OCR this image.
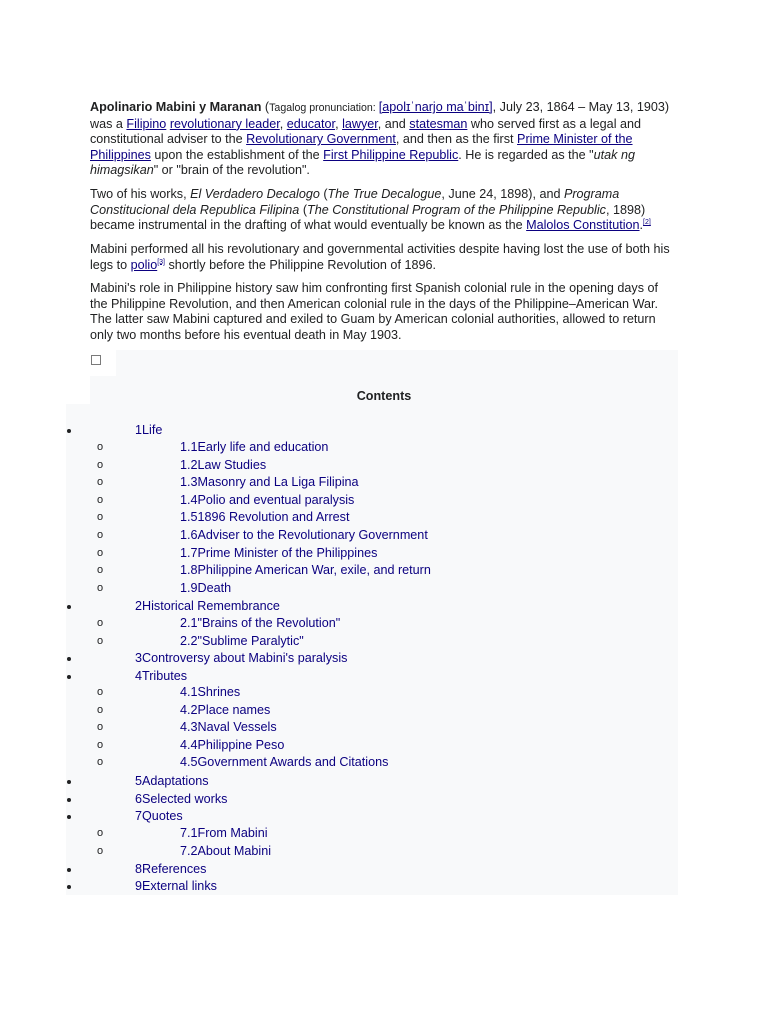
Apolinario Mabini y Maranan (Tagalog pronunciation: [apolɪˈnarjo maˈbinɪ], July 23, 1864 – May 13, 1903) was a Filipino revolutionary leader, educator, lawyer, and statesman who served first as a legal and constitutional adviser to the Revolutionary Government, and then as the first Prime Minister of the Philippines upon the establishment of the First Philippine Republic. He is regarded as the "utak ng himagsikan" or "brain of the revolution".

Two of his works, El Verdadero Decalogo (The True Decalogue, June 24, 1898), and Programa Constitucional dela Republica Filipina (The Constitutional Program of the Philippine Republic, 1898) became instrumental in the drafting of what would eventually be known as the Malolos Constitution.[2]

Mabini performed all his revolutionary and governmental activities despite having lost the use of both his legs to polio[3] shortly before the Philippine Revolution of 1896.

Mabini's role in Philippine history saw him confronting first Spanish colonial rule in the opening days of the Philippine Revolution, and then American colonial rule in the days of the Philippine–American War. The latter saw Mabini captured and exiled to Guam by American colonial authorities, allowed to return only two months before his eventual death in May 1903.

Contents
1Life
o	1.1Early life and education
o	1.2Law Studies
o	1.3Masonry and La Liga Filipina
o	1.4Polio and eventual paralysis
o	1.51896 Revolution and Arrest
o	1.6Adviser to the Revolutionary Government
o	1.7Prime Minister of the Philippines
o	1.8Philippine American War, exile, and return
o	1.9Death
2Historical Remembrance
o	2.1"Brains of the Revolution"
o	2.2"Sublime Paralytic"
3Controversy about Mabini's paralysis
4Tributes
o	4.1Shrines
o	4.2Place names
o	4.3Naval Vessels
o	4.4Philippine Peso
o	4.5Government Awards and Citations
5Adaptations
6Selected works
7Quotes
o	7.1From Mabini
o	7.2About Mabini
8References
9External links
